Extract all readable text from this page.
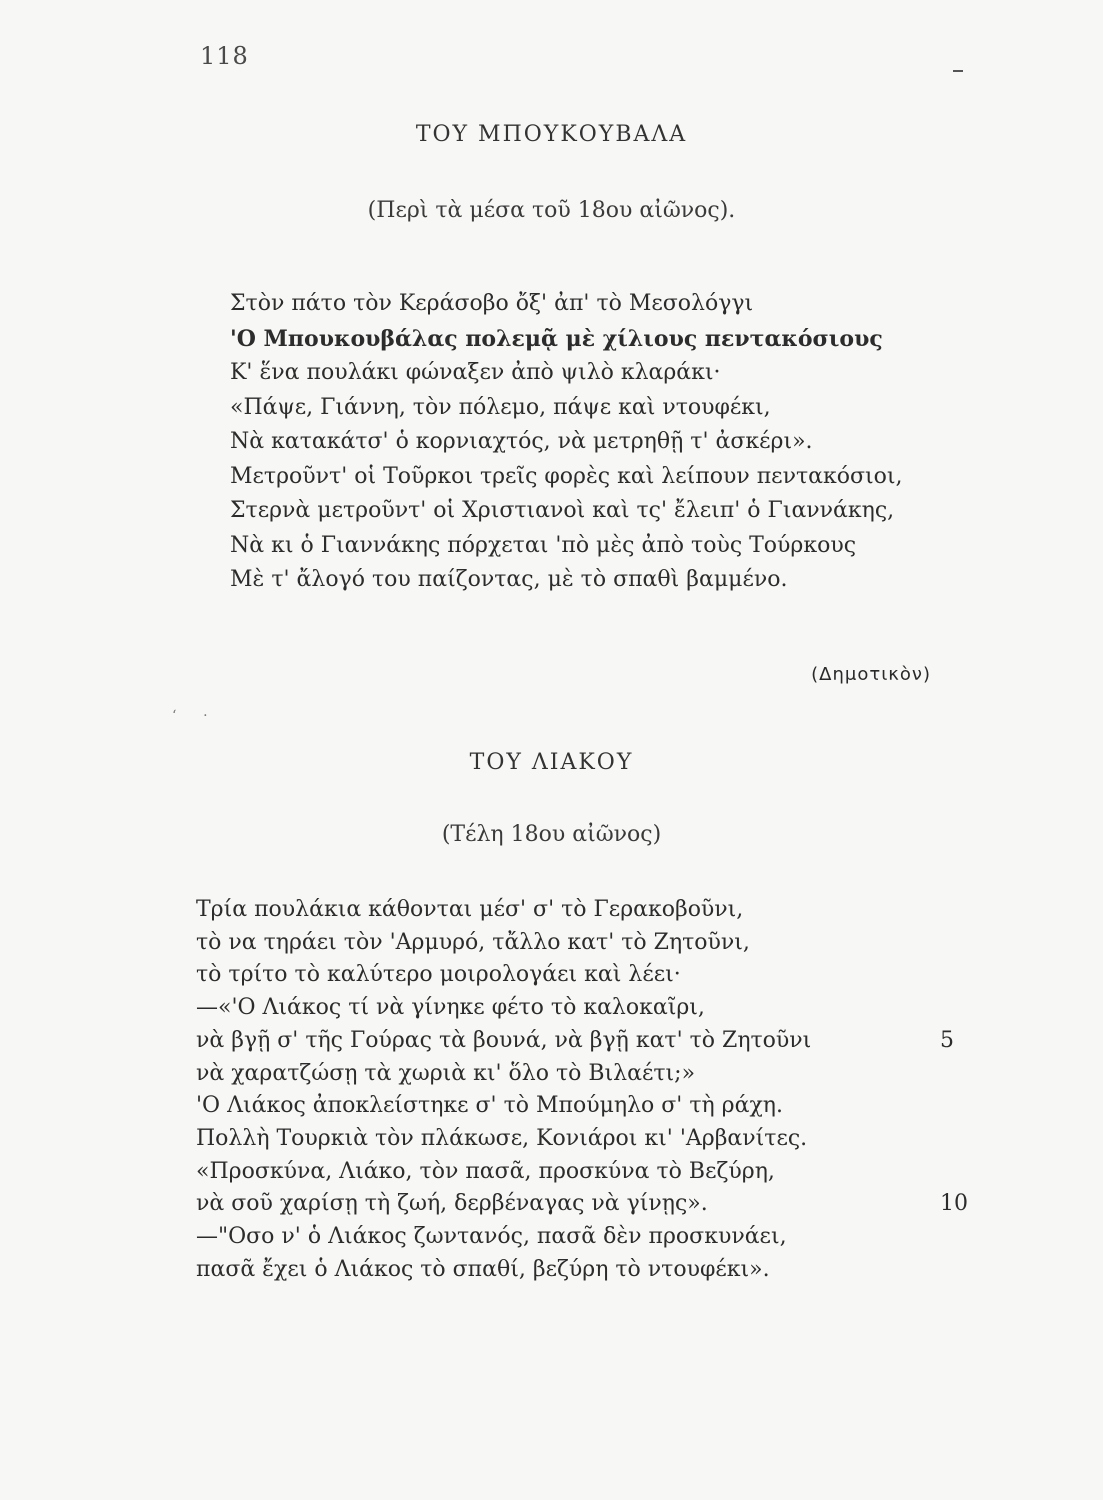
118
ΤΟΥ ΜΠΟΥΚΟΥΒΑΛΑ
(Περὶ τὰ μέσα τοῦ 18ου αἰῶνος).
Στὸν πάτο τὸν Κεράσοβο ὄξ' ἀπ' τὸ Μεσολόγγι
'Ο Μπουκουβάλας πολεμᾷ μὲ χίλιους πεντακόσιους
Κ' ἕνα πουλάκι φώναξεν ἀπὸ ψιλὸ κλαράκι·
«Πάψε, Γιάννη, τὸν πόλεμο, πάψε καὶ ντουφέκι,
Νὰ κατακάτσ' ὁ κορνιαχτός, νὰ μετρηθῇ τ' ἀσκέρι».
Μετροῦντ' οἱ Τοῦρκοι τρεῖς φορὲς καὶ λείπουν πεντακόσιοι,
Στερνὰ μετροῦντ' οἱ Χριστιανοὶ καὶ τς' ἔλειπ' ὁ Γιαννάκης,
Νὰ κι ὁ Γιαννάκης πόρχεται 'πὸ μὲς ἀπὸ τοὺς Τούρκους
Μὲ τ' ἄλογό του παίζοντας, μὲ τὸ σπαθὶ βαμμένο.
(Δημοτικὸν)
‘      ·
ΤΟΥ ΛΙΑΚΟΥ
(Τέλη 18ου αἰῶνος)
Τρία πουλάκια κάθονται μέσ' σ' τὸ Γερακοβοῦνι,
τὸ να τηράει τὸν 'Αρμυρό, τἄλλο κατ' τὸ Ζητοῦνι,
τὸ τρίτο τὸ καλύτερο μοιρολογάει καὶ λέει·
—«'Ο Λιάκος τί νὰ γίνηκε φέτο τὸ καλοκαῖρι,
νὰ βγῇ σ' τῆς Γούρας τὰ βουνά, νὰ βγῇ κατ' τὸ Ζητοῦνι	5
νὰ χαρατζώσῃ τὰ χωριὰ κι' ὅλο τὸ Βιλαέτι;»
'Ο Λιάκος ἀποκλείστηκε σ' τὸ Μπούμηλο σ' τὴ ράχη.
Πολλὴ Τουρκιὰ τὸν πλάκωσε, Κονιάροι κι' 'Αρβανίτες.
«Προσκύνα, Λιάκο, τὸν πασᾶ, προσκύνα τὸ Βεζύρη,
νὰ σοῦ χαρίσῃ τὴ ζωή, δερβέναγας νὰ γίνῃς».	10
—"Οσο ν' ὁ Λιάκος ζωντανός, πασᾶ δὲν προσκυνάει,
πασᾶ ἔχει ὁ Λιάκος τὸ σπαθί, βεζύρη τὸ ντουφέκι».
